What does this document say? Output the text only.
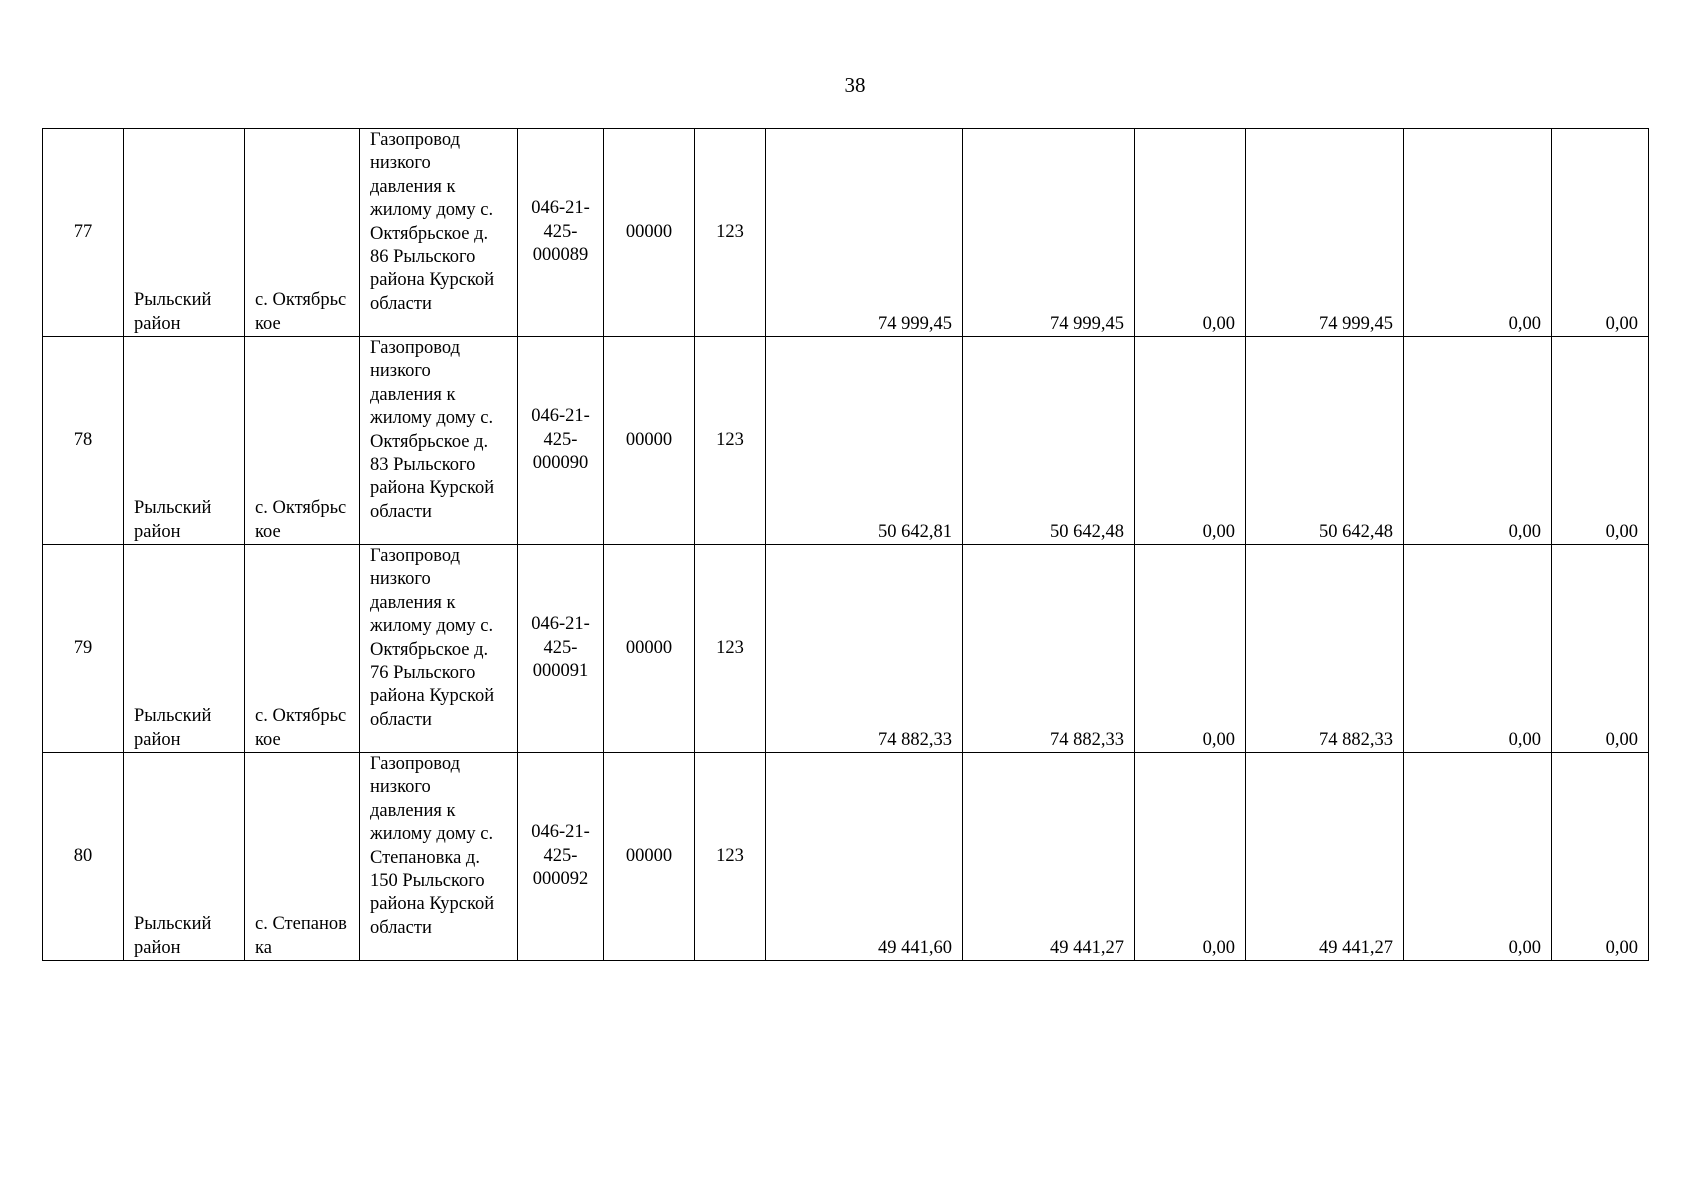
38
77	Рыльский район	с. Октябрьское	Газопровод низкого давления к жилому дому с. Октябрьское д. 86 Рыльского района Курской области	046-21-
425-
000089	00000	123	74 999,45	74 999,45	0,00	74 999,45	0,00	0,00
78	Рыльский район	с. Октябрьское	Газопровод низкого давления к жилому дому с. Октябрьское д. 83 Рыльского района Курской области	046-21-
425-
000090	00000	123	50 642,81	50 642,48	0,00	50 642,48	0,00	0,00
79	Рыльский район	с. Октябрьское	Газопровод низкого давления к жилому дому с. Октябрьское д. 76 Рыльского района Курской области	046-21-
425-
000091	00000	123	74 882,33	74 882,33	0,00	74 882,33	0,00	0,00
80	Рыльский район	с. Степановка	Газопровод низкого давления к жилому дому с. Степановка д. 150 Рыльского района Курской области	046-21-
425-
000092	00000	123	49 441,60	49 441,27	0,00	49 441,27	0,00	0,00
